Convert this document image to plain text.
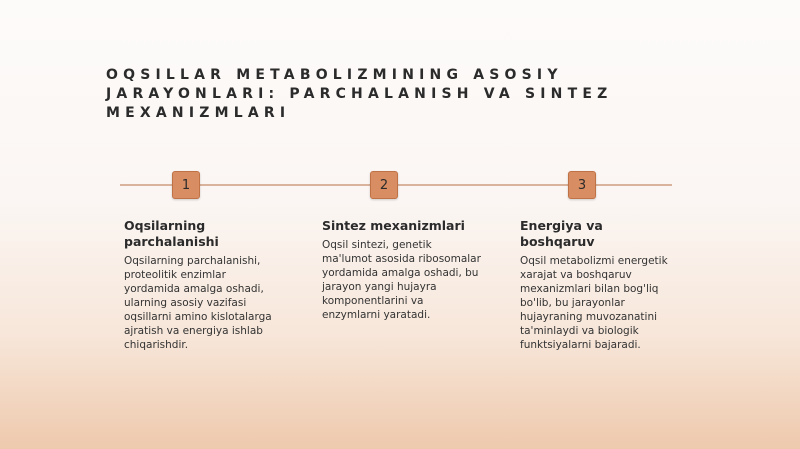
OQSILLAR METABOLIZMINING ASOSIY JARAYONLARI: PARCHALANISH VA SINTEZ MEXANIZMLARI
1	2	3
Oqsilarning parchalanishi

Oqsilarning parchalanishi, proteolitik enzimlar yordamida amalga oshadi, ularning asosiy vazifasi oqsillarni amino kislotalarga ajratish va energiya ishlab chiqarishdir.

Sintez mexanizmlari

Oqsil sintezi, genetik ma'lumot asosida ribosomalar yordamida amalga oshadi, bu jarayon yangi hujayra komponentlarini va enzymlarni yaratadi.

Energiya va boshqaruv

Oqsil metabolizmi energetik xarajat va boshqaruv mexanizmlari bilan bog'liq bo'lib, bu jarayonlar hujayraning muvozanatini ta'minlaydi va biologik funktsiyalarni bajaradi.
